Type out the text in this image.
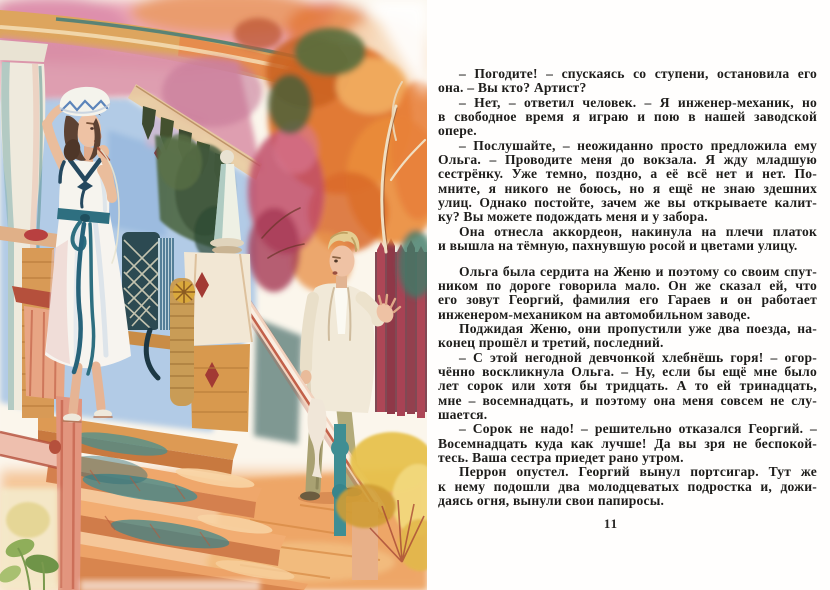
– Погодите! – спускаясь со ступени, остановила его
она. – Вы кто? Артист?
– Нет, – ответил человек. – Я инженер-механик, но
в свободное время я играю и пою в нашей заводской
опере.
– Послушайте, – неожиданно просто предложила ему
Ольга. – Проводите меня до вокзала. Я жду младшую
сестрёнку. Уже темно, поздно, а её всё нет и нет. По-
мните, я никого не боюсь, но я ещё не знаю здешних
улиц. Однако постойте, зачем же вы открываете калит-
ку? Вы можете подождать меня и у забора.
Она отнесла аккордеон, накинула на плечи платок
и вышла на тёмную, пахнувшую росой и цветами улицу.
Ольга была сердита на Женю и поэтому со своим спут-
ником по дороге говорила мало. Он же сказал ей, что
его зовут Георгий, фамилия его Гараев и он работает
инженером-механиком на автомобильном заводе.
Поджидая Женю, они пропустили уже два поезда, на-
конец прошёл и третий, последний.
– С этой негодной девчонкой хлебнёшь горя! – огор-
чённо воскликнула Ольга. – Ну, если бы ещё мне было
лет сорок или хотя бы тридцать. А то ей тринадцать,
мне – восемнадцать, и поэтому она меня совсем не слу-
шается.
– Сорок не надо! – решительно отказался Георгий. –
Восемнадцать куда как лучше! Да вы зря не беспокой-
тесь. Ваша сестра приедет рано утром.
Перрон опустел. Георгий вынул портсигар. Тут же
к нему подошли два молодцеватых подростка и, дожи-
даясь огня, вынули свои папиросы.
11
